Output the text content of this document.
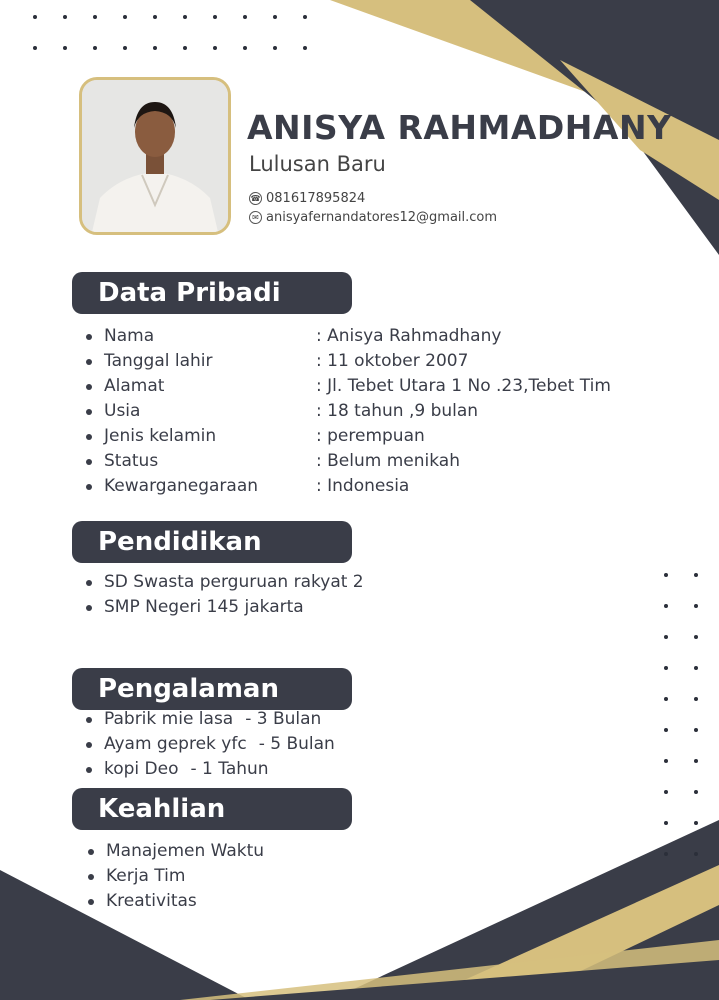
ANISYA RAHMADHANY
Lulusan Baru
☎ 081617895824
✉ anisyafernandatores12@gmail.com
Data Pribadi
Nama	: Anisya Rahmadhany
Tanggal lahir	: 11 oktober 2007
Alamat	: Jl. Tebet Utara 1 No .23,Tebet Tim
Usia	: 18 tahun ,9 bulan
Jenis kelamin	: perempuan
Status	: Belum menikah
Kewarganegaraan	: Indonesia
Pendidikan
SD Swasta perguruan rakyat 2
SMP Negeri 145 jakarta
Pengalaman
Pabrik mie lasa - 3 Bulan
Ayam geprek yfc - 5 Bulan
kopi Deo - 1 Tahun
Keahlian
Manajemen Waktu
Kerja Tim
Kreativitas
